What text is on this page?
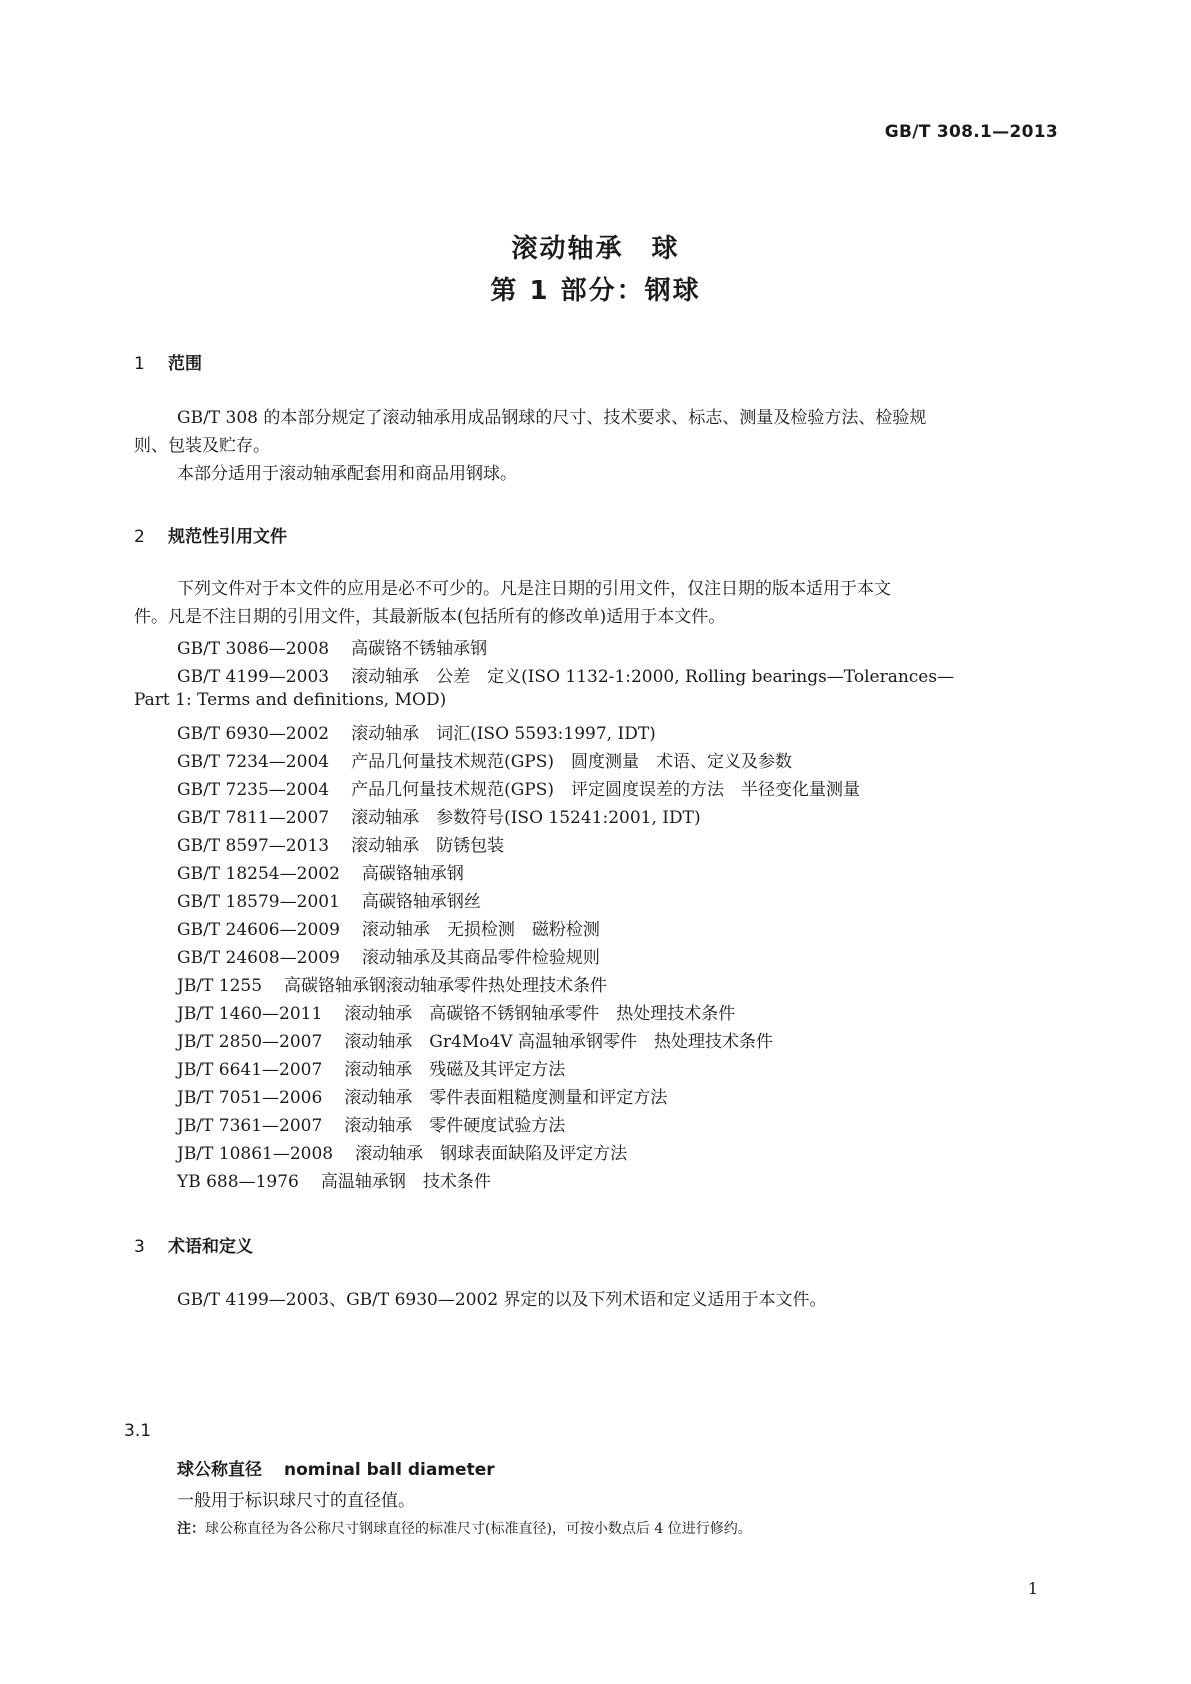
GB/T 308.1—2013
滚动轴承　球
第 1 部分：钢球
1 范围
GB/T 308 的本部分规定了滚动轴承用成品钢球的尺寸、技术要求、标志、测量及检验方法、检验规
则、包装及贮存。
本部分适用于滚动轴承配套用和商品用钢球。
2 规范性引用文件
下列文件对于本文件的应用是必不可少的。凡是注日期的引用文件，仅注日期的版本适用于本文
件。凡是不注日期的引用文件，其最新版本(包括所有的修改单)适用于本文件。
GB/T 3086—2008 高碳铬不锈轴承钢
GB/T 4199—2003 滚动轴承　公差　定义(ISO 1132-1:2000, Rolling bearings—Tolerances—
Part 1: Terms and definitions, MOD)
GB/T 6930—2002 滚动轴承　词汇(ISO 5593:1997, IDT)
GB/T 7234—2004 产品几何量技术规范(GPS)　圆度测量　术语、定义及参数
GB/T 7235—2004 产品几何量技术规范(GPS)　评定圆度误差的方法　半径变化量测量
GB/T 7811—2007 滚动轴承　参数符号(ISO 15241:2001, IDT)
GB/T 8597—2013 滚动轴承　防锈包装
GB/T 18254—2002 高碳铬轴承钢
GB/T 18579—2001 高碳铬轴承钢丝
GB/T 24606—2009 滚动轴承　无损检测　磁粉检测
GB/T 24608—2009 滚动轴承及其商品零件检验规则
JB/T 1255 高碳铬轴承钢滚动轴承零件热处理技术条件
JB/T 1460—2011 滚动轴承　高碳铬不锈钢轴承零件　热处理技术条件
JB/T 2850—2007 滚动轴承　Gr4Mo4V 高温轴承钢零件　热处理技术条件
JB/T 6641—2007 滚动轴承　残磁及其评定方法
JB/T 7051—2006 滚动轴承　零件表面粗糙度测量和评定方法
JB/T 7361—2007 滚动轴承　零件硬度试验方法
JB/T 10861—2008 滚动轴承　钢球表面缺陷及评定方法
YB 688—1976 高温轴承钢　技术条件
3 术语和定义
GB/T 4199—2003、GB/T 6930—2002 界定的以及下列术语和定义适用于本文件。
3.1
球公称直径 nominal ball diameter
一般用于标识球尺寸的直径值。
注：球公称直径为各公称尺寸钢球直径的标准尺寸(标准直径)，可按小数点后 4 位进行修约。
1
